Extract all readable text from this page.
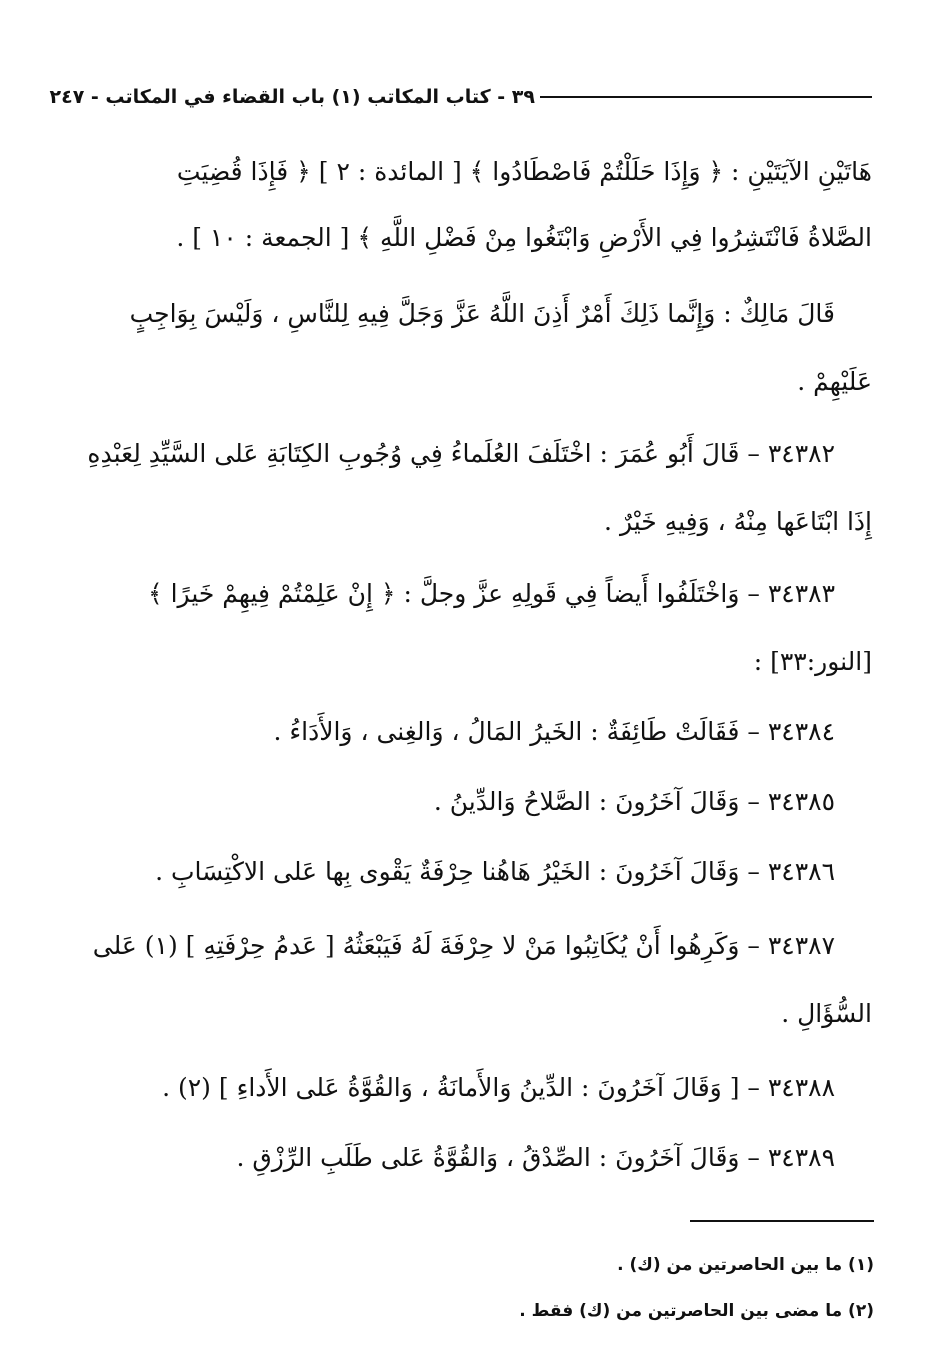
٣٩ - كتاب المكاتب (١) باب القضاء في المكاتب - ٢٤٧
هَاتَيْنِ الآيَتَيْنِ : ﴿ وَإِذَا حَلَلْتُمْ فَاصْطَادُوا ﴾ [ المائدة : ٢ ] ﴿ فَإِذَا قُضِيَتِ
الصَّلاةُ فَانْتَشِرُوا فِي الأَرْضِ وَابْتَغُوا مِنْ فَضْلِ اللَّهِ ﴾ [ الجمعة : ١٠ ] .
قَالَ مَالِكٌ : وَإِنَّما ذَلِكَ أَمْرٌ أَذِنَ اللَّهُ عَزَّ وَجَلَّ فِيهِ لِلنَّاسِ ، وَلَيْسَ بِوَاجِبٍ
عَلَيْهِمْ .
٣٤٣٨٢ – قَالَ أَبُو عُمَرَ : اخْتَلَفَ العُلَماءُ فِي وُجُوبِ الكِتَابَةِ عَلى السَّيِّدِ لِعَبْدِهِ
إِذَا ابْتَاعَها مِنْهُ ، وَفِيهِ خَيْرٌ .
٣٤٣٨٣ – وَاخْتَلَفُوا أَيضاً فِي قَولِهِ عزَّ وجلَّ : ﴿ إِنْ عَلِمْتُمْ فِيهِمْ خَيرًا ﴾
[النور:٣٣] :
٣٤٣٨٤ – فَقَالَتْ طَائِفَةٌ : الخَيرُ المَالُ ، وَالغِنى ، وَالأَدَاءُ .
٣٤٣٨٥ – وَقَالَ آخَرُونَ : الصَّلاحُ وَالدِّينُ .
٣٤٣٨٦ – وَقَالَ آخَرُونَ : الخَيْرُ هَاهُنا حِرْفَةٌ يَقْوى بِها عَلى الاكْتِسَابِ .
٣٤٣٨٧ – وَكَرِهُوا أَنْ يُكَاتِبُوا مَنْ لا حِرْفَةَ لَهُ فَيَبْعَثُهُ [ عَدمُ حِرْفَتِهِ ] (١) عَلى
السُّؤَالِ .
٣٤٣٨٨ – [ وَقَالَ آخَرُونَ : الدِّينُ وَالأَمانَةُ ، وَالقُوَّةُ عَلى الأَداءِ ] (٢) .
٣٤٣٨٩ – وَقَالَ آخَرُونَ : الصِّدْقُ ، وَالقُوَّةُ عَلى طَلَبِ الرِّزْقِ .
(١) ما بين الحاصرتين من (ك) .
(٢) ما مضى بين الحاصرتين من (ك) فقط .
